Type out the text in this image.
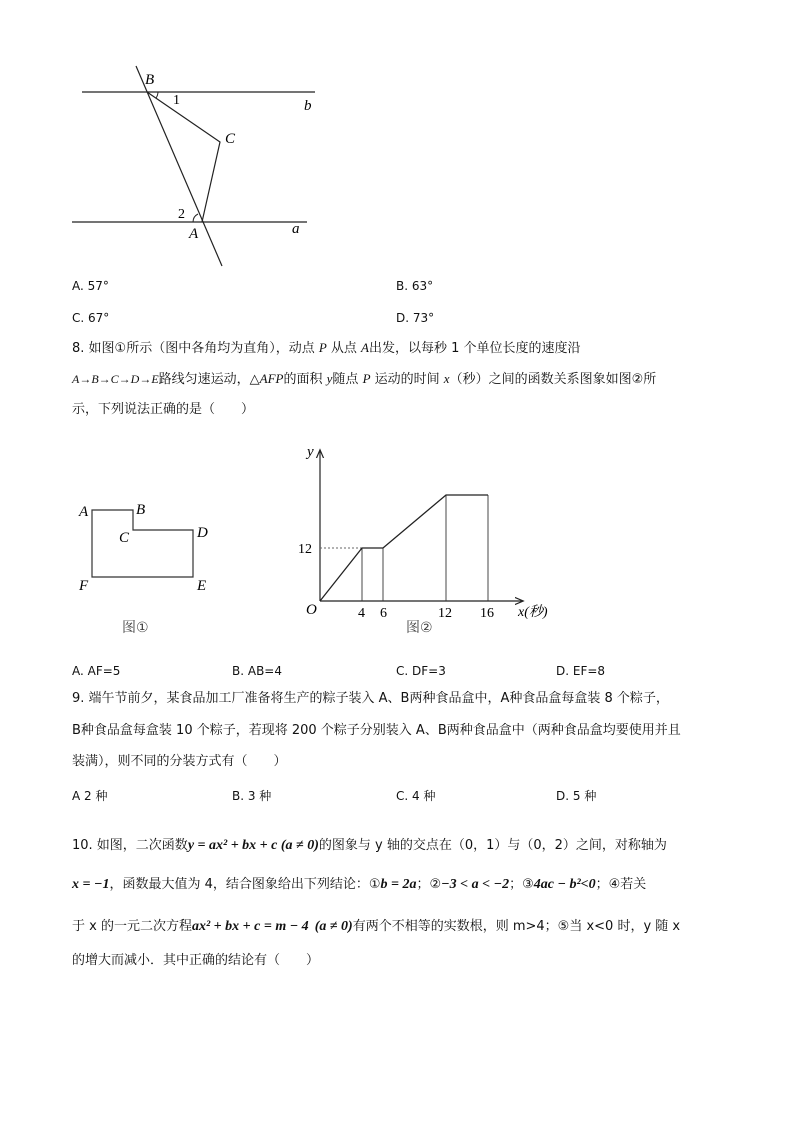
B
1	b
C
2
A	a
A. 57°	B. 63°
C. 67°	D. 73°
8. 如图①所示（图中各角均为直角），动点 P 从点 A出发，以每秒 1 个单位长度的速度沿
A→B→C→D→E路线匀速运动，△AFP的面积 y随点 P 运动的时间 x（秒）之间的函数关系图象如图②所
示，下列说法正确的是（　　）
A	B
C	D
E
F
图①
y
O
12
4 6	12 16 x(秒)
图②
A. AF=5	B. AB=4	C. DF=3	D. EF=8
9. 端午节前夕，某食品加工厂准备将生产的粽子装入 A、B两种食品盒中，A种食品盒每盒装 8 个粽子，
B种食品盒每盒装 10 个粽子，若现将 200 个粽子分别装入 A、B两种食品盒中（两种食品盒均要使用并且
装满），则不同的分装方式有（　　）
A 2 种	B. 3 种	C. 4 种	D. 5 种
10. 如图，二次函数y = ax² + bx + c (a ≠ 0)的图象与 y 轴的交点在（0，1）与（0，2）之间，对称轴为
x = −1，函数最大值为 4，结合图象给出下列结论：①b = 2a；②−3 < a < −2；③4ac − b²<0；④若关
于 x 的一元二次方程ax² + bx + c = m − 4 (a ≠ 0)有两个不相等的实数根，则 m>4；⑤当 x<0 时，y 随 x
的增大而减小．其中正确的结论有（　　）
